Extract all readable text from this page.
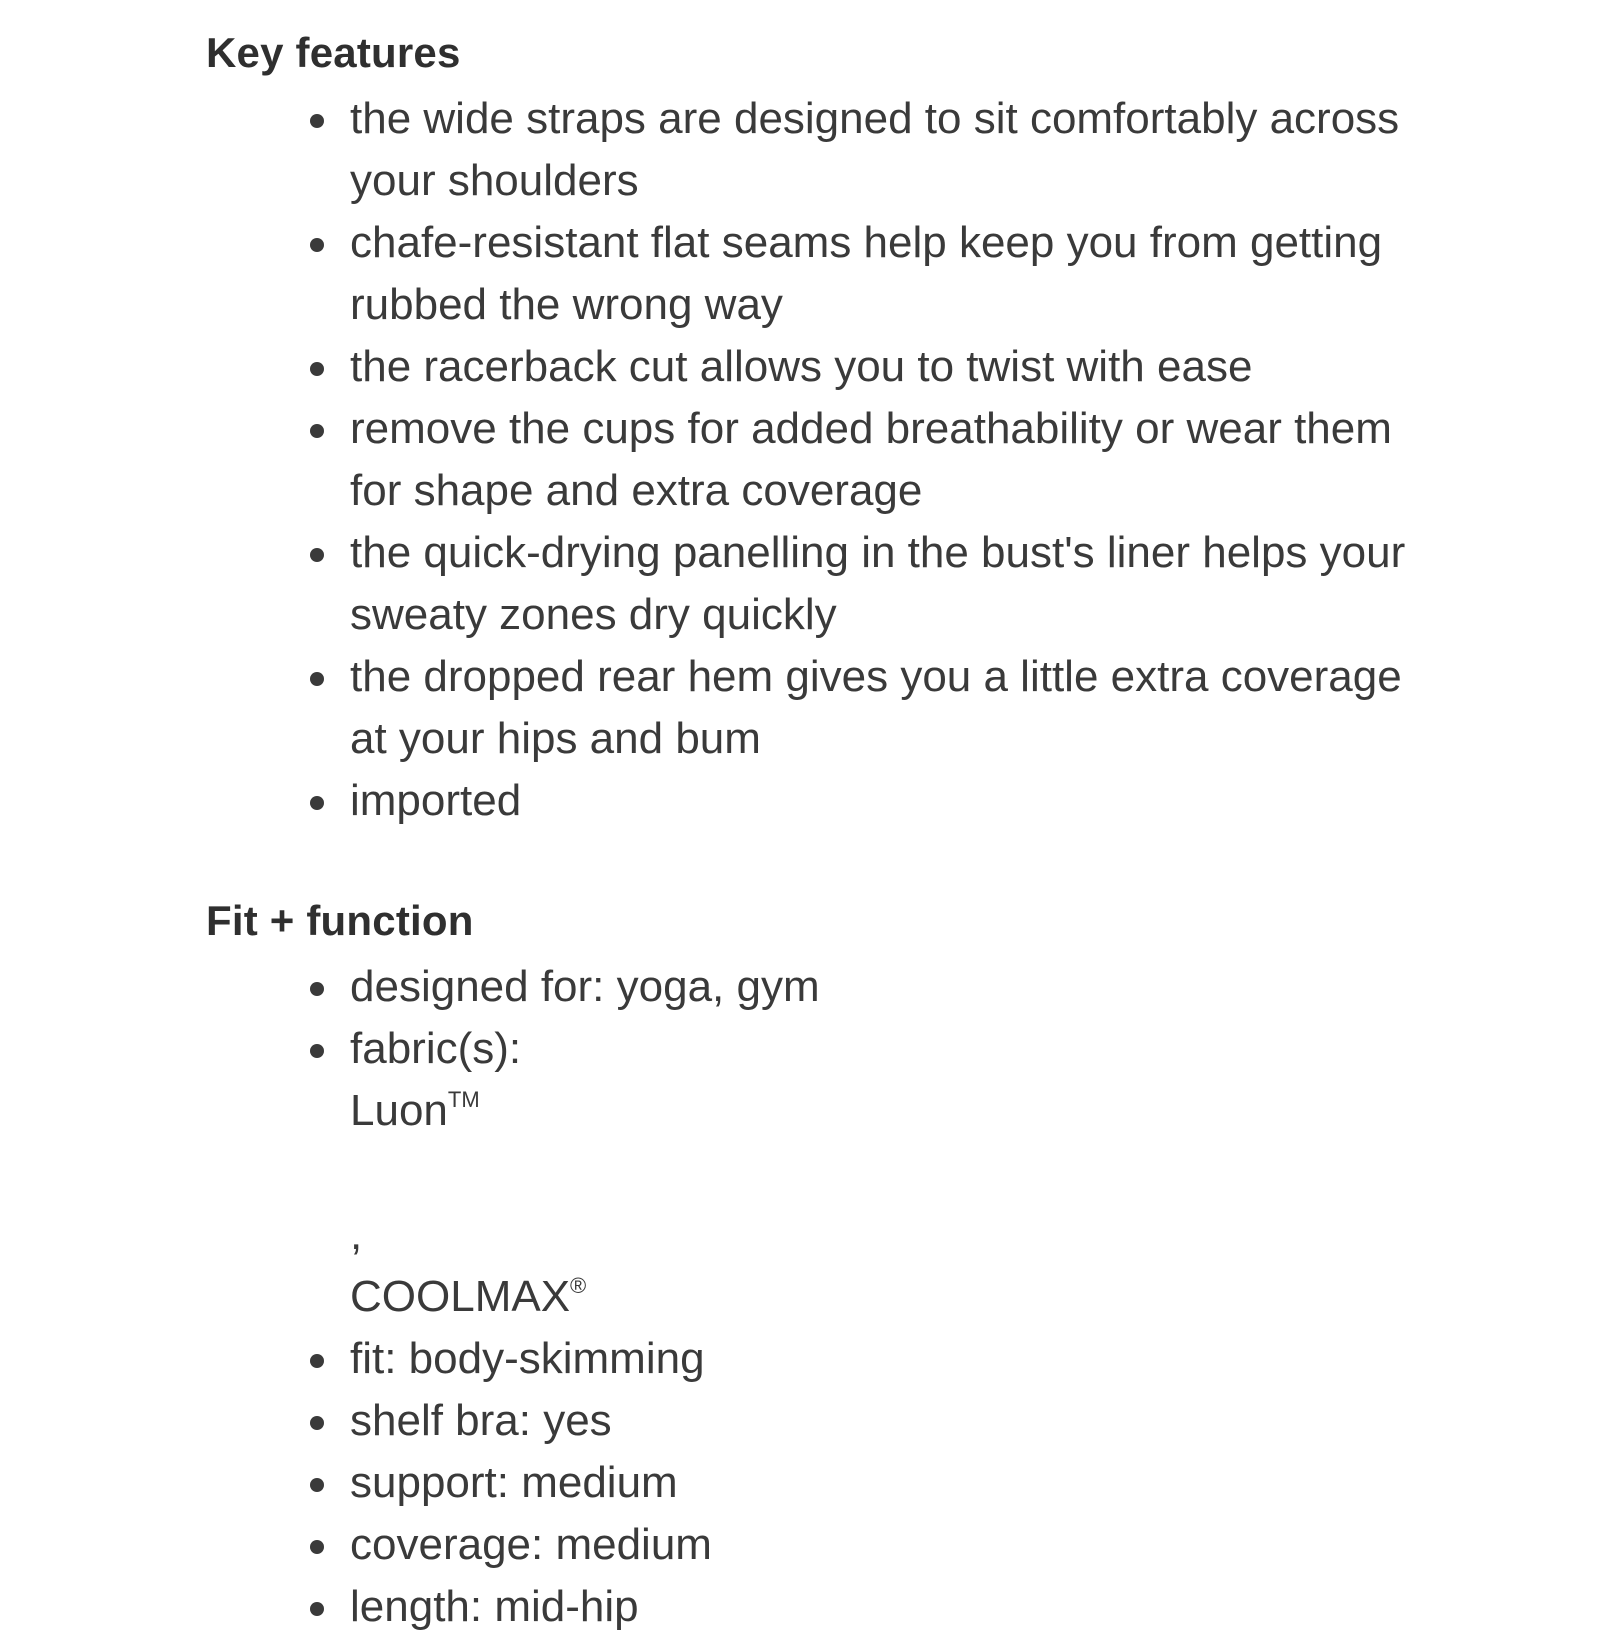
Key features
the wide straps are designed to sit comfortably across your shoulders
chafe-resistant flat seams help keep you from getting rubbed the wrong way
the racerback cut allows you to twist with ease
remove the cups for added breathability or wear them for shape and extra coverage
the quick-drying panelling in the bust's liner helps your sweaty zones dry quickly
the dropped rear hem gives you a little extra coverage at your hips and bum
imported
Fit + function
designed for: yoga, gym
fabric(s):
Luon™
,
COOLMAX®
fit: body-skimming
shelf bra: yes
support: medium
coverage: medium
length: mid-hip
